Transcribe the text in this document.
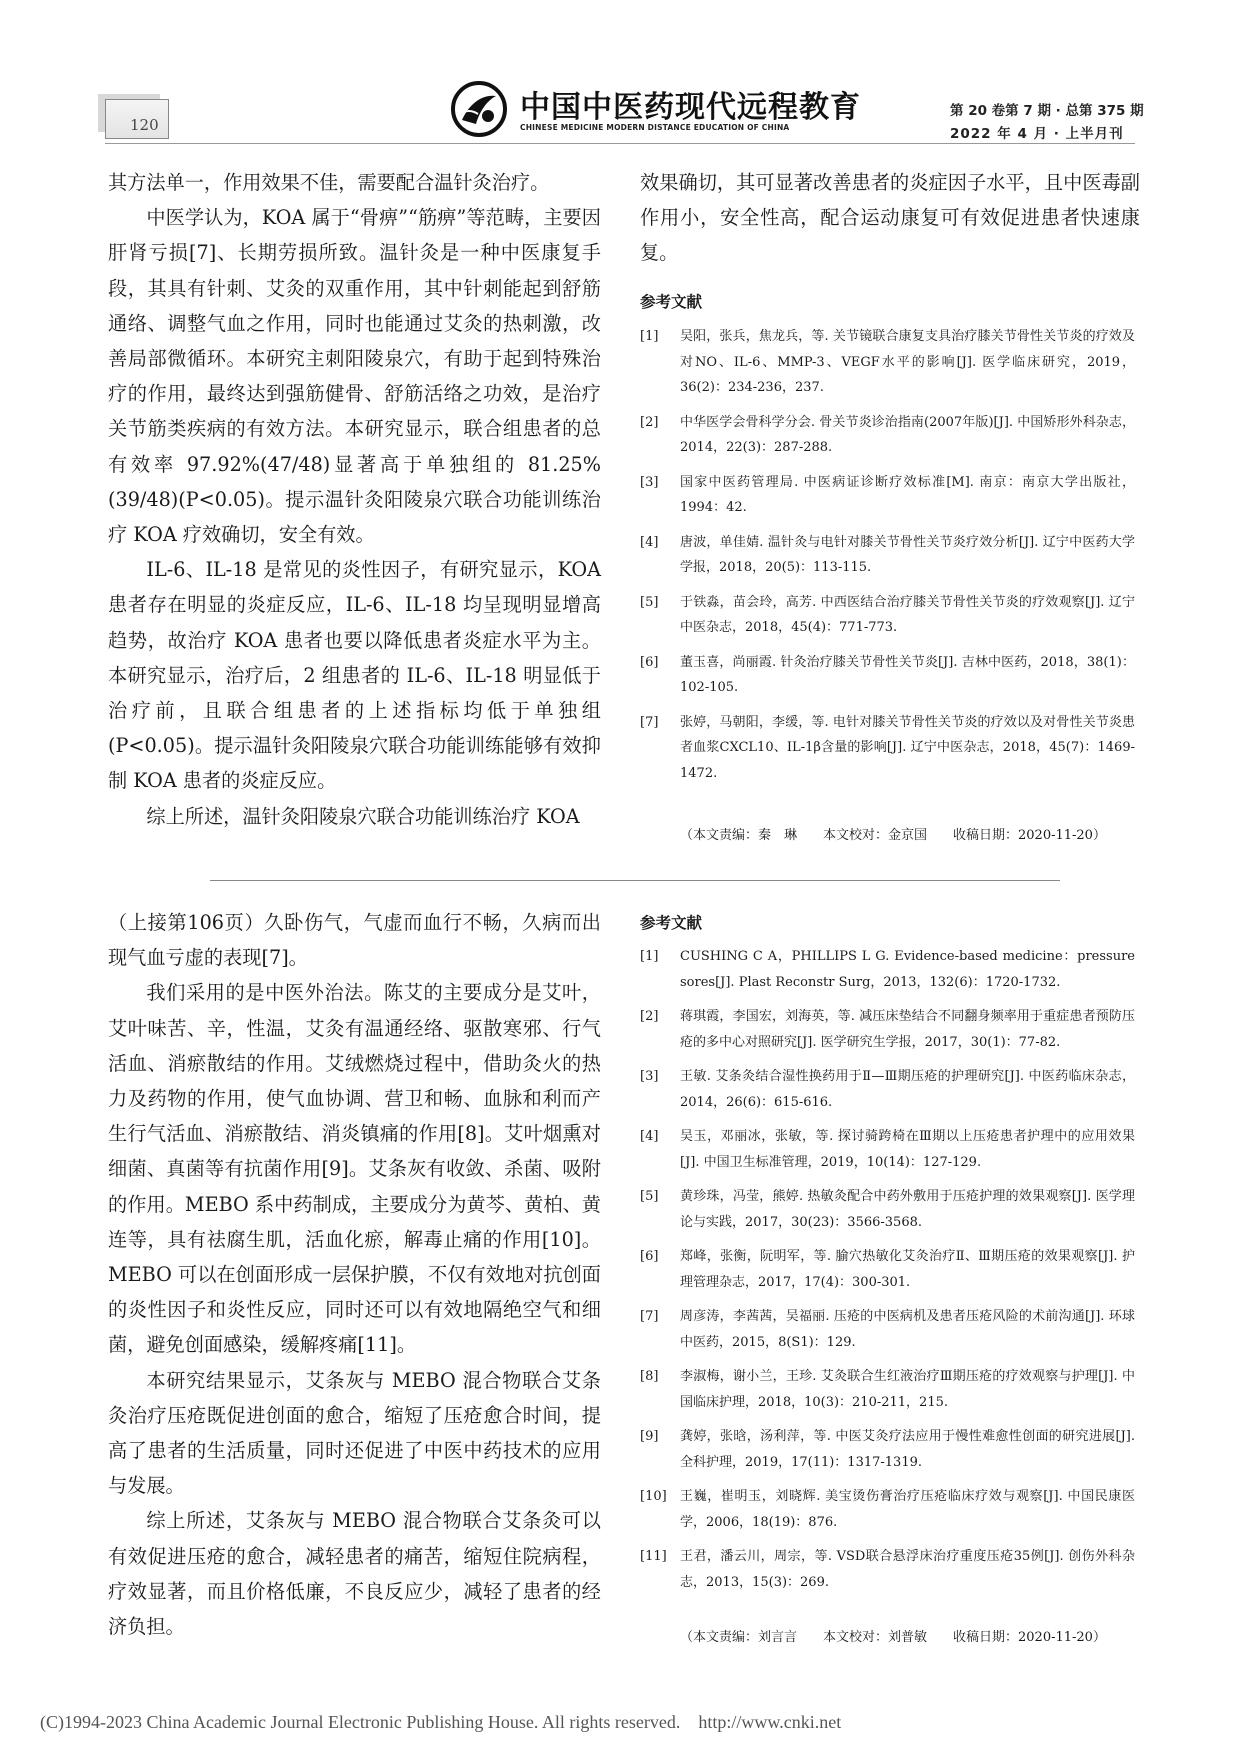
120	中国中医药现代远程教育
CHINESE MEDICINE MODERN DISTANCE EDUCATION OF CHINA
第 20 卷第 7 期 · 总第 375 期
2022 年 4 月 · 上半月刊

其方法单一，作用效果不佳，需要配合温针灸治疗。

中医学认为，KOA 属于“骨痹”“筋痹”等范畴，主要因肝肾亏损[7]、长期劳损所致。温针灸是一种中医康复手段，其具有针刺、艾灸的双重作用，其中针刺能起到舒筋通络、调整气血之作用，同时也能通过艾灸的热刺激，改善局部微循环。本研究主刺阳陵泉穴，有助于起到特殊治疗的作用，最终达到强筋健骨、舒筋活络之功效，是治疗关节筋类疾病的有效方法。本研究显示，联合组患者的总有效率 97.92%(47/48)显著高于单独组的 81.25%(39/48)(P<0.05)。提示温针灸阳陵泉穴联合功能训练治疗 KOA 疗效确切，安全有效。

IL-6、IL-18 是常见的炎性因子，有研究显示，KOA 患者存在明显的炎症反应，IL-6、IL-18 均呈现明显增高趋势，故治疗 KOA 患者也要以降低患者炎症水平为主。本研究显示，治疗后，2 组患者的 IL-6、IL-18 明显低于治疗前，且联合组患者的上述指标均低于单独组(P<0.05)。提示温针灸阳陵泉穴联合功能训练能够有效抑制 KOA 患者的炎症反应。

综上所述，温针灸阳陵泉穴联合功能训练治疗 KOA

效果确切，其可显著改善患者的炎症因子水平，且中医毒副作用小，安全性高，配合运动康复可有效促进患者快速康复。

参考文献
[1]	吴阳，张兵，焦龙兵，等. 关节镜联合康复支具治疗膝关节骨性关节炎的疗效及对NO、IL-6、MMP-3、VEGF水平的影响[J]. 医学临床研究，2019，36(2)：234-236，237.
[2]	中华医学会骨科学分会. 骨关节炎诊治指南(2007年版)[J]. 中国矫形外科杂志，2014，22(3)：287-288.
[3]	国家中医药管理局. 中医病证诊断疗效标准[M]. 南京：南京大学出版社，1994：42.
[4]	唐波，单佳婧. 温针灸与电针对膝关节骨性关节炎疗效分析[J]. 辽宁中医药大学学报，2018，20(5)：113-115.
[5]	于铁淼，苗会玲，高芳. 中西医结合治疗膝关节骨性关节炎的疗效观察[J]. 辽宁中医杂志，2018，45(4)：771-773.
[6]	董玉喜，尚丽霞. 针灸治疗膝关节骨性关节炎[J]. 吉林中医药，2018，38(1)：102-105.
[7]	张婷，马朝阳，李缓，等. 电针对膝关节骨性关节炎的疗效以及对骨性关节炎患者血浆CXCL10、IL-1β含量的影响[J]. 辽宁中医杂志，2018，45(7)：1469-1472.
（本文责编：秦　琳　　本文校对：金京国　　收稿日期：2020-11-20）

（上接第106页）久卧伤气，气虚而血行不畅，久病而出现气血亏虚的表现[7]。

我们采用的是中医外治法。陈艾的主要成分是艾叶，艾叶味苦、辛，性温，艾灸有温通经络、驱散寒邪、行气活血、消瘀散结的作用。艾绒燃烧过程中，借助灸火的热力及药物的作用，使气血协调、营卫和畅、血脉和利而产生行气活血、消瘀散结、消炎镇痛的作用[8]。艾叶烟熏对细菌、真菌等有抗菌作用[9]。艾条灰有收敛、杀菌、吸附的作用。MEBO 系中药制成，主要成分为黄芩、黄柏、黄连等，具有祛腐生肌，活血化瘀，解毒止痛的作用[10]。MEBO 可以在创面形成一层保护膜，不仅有效地对抗创面的炎性因子和炎性反应，同时还可以有效地隔绝空气和细菌，避免创面感染，缓解疼痛[11]。

本研究结果显示，艾条灰与 MEBO 混合物联合艾条灸治疗压疮既促进创面的愈合，缩短了压疮愈合时间，提高了患者的生活质量，同时还促进了中医中药技术的应用与发展。

综上所述，艾条灰与 MEBO 混合物联合艾条灸可以有效促进压疮的愈合，减轻患者的痛苦，缩短住院病程，疗效显著，而且价格低廉，不良反应少，减轻了患者的经济负担。

参考文献
[1]	CUSHING C A，PHILLIPS L G. Evidence-based medicine：pressure sores[J]. Plast Reconstr Surg，2013，132(6)：1720-1732.
[2]	蒋琪霞，李国宏，刘海英，等. 减压床垫结合不同翻身频率用于重症患者预防压疮的多中心对照研究[J]. 医学研究生学报，2017，30(1)：77-82.
[3]	王敏. 艾条灸结合湿性换药用于Ⅱ—Ⅲ期压疮的护理研究[J]. 中医药临床杂志，2014，26(6)：615-616.
[4]	吴玉，邓丽冰，张敏，等. 探讨骑跨椅在Ⅲ期以上压疮患者护理中的应用效果[J]. 中国卫生标准管理，2019，10(14)：127-129.
[5]	黄珍珠，冯莹，熊婷. 热敏灸配合中药外敷用于压疮护理的效果观察[J]. 医学理论与实践，2017，30(23)：3566-3568.
[6]	郑峰，张衡，阮明军，等. 腧穴热敏化艾灸治疗Ⅱ、Ⅲ期压疮的效果观察[J]. 护理管理杂志，2017，17(4)：300-301.
[7]	周彦涛，李茜茜，吴福丽. 压疮的中医病机及患者压疮风险的术前沟通[J]. 环球中医药，2015，8(S1)：129.
[8]	李淑梅，谢小兰，王珍. 艾灸联合生红液治疗Ⅲ期压疮的疗效观察与护理[J]. 中国临床护理，2018，10(3)：210-211，215.
[9]	龚婷，张晗，汤利萍，等. 中医艾灸疗法应用于慢性难愈性创面的研究进展[J]. 全科护理，2019，17(11)：1317-1319.
[10]	王巍，崔明玉，刘晓辉. 美宝烫伤膏治疗压疮临床疗效与观察[J]. 中国民康医学，2006，18(19)：876.
[11]	王君，潘云川，周宗，等. VSD联合悬浮床治疗重度压疮35例[J]. 创伤外科杂志，2013，15(3)：269.
（本文责编：刘言言　　本文校对：刘普敏　　收稿日期：2020-11-20）
(C)1994-2023 China Academic Journal Electronic Publishing House. All rights reserved.    http://www.cnki.net
